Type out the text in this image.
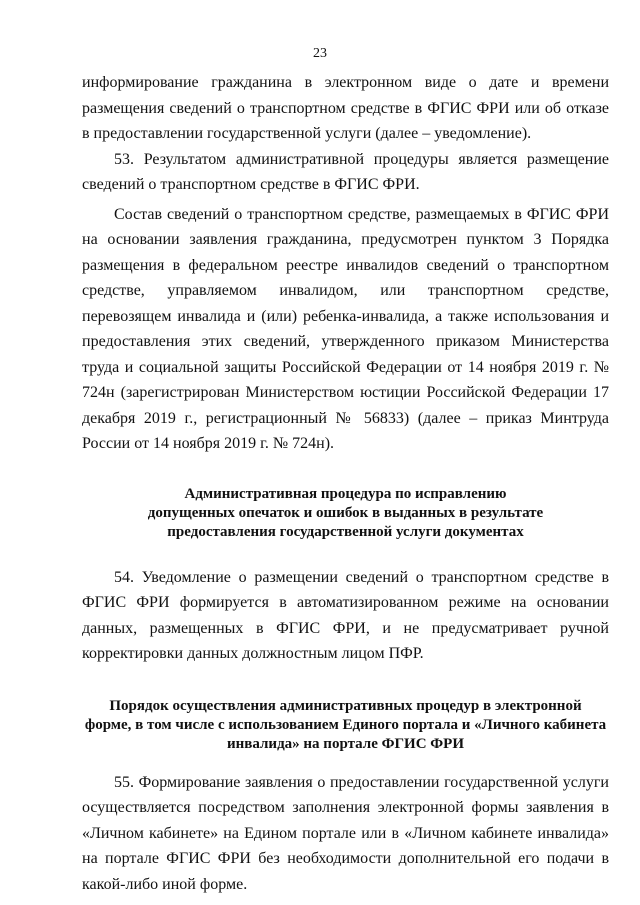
23

информирование гражданина в электронном виде о дате и времени размещения сведений о транспортном средстве в ФГИС ФРИ или об отказе в предоставлении государственной услуги (далее – уведомление).

53. Результатом административной процедуры является размещение сведений о транспортном средстве в ФГИС ФРИ.

Состав сведений о транспортном средстве, размещаемых в ФГИС ФРИ на основании заявления гражданина, предусмотрен пунктом 3 Порядка размещения в федеральном реестре инвалидов сведений о транспортном средстве, управляемом инвалидом, или транспортном средстве, перевозящем инвалида и (или) ребенка-инвалида, а также использования и предоставления этих сведений, утвержденного приказом Министерства труда и социальной защиты Российской Федерации от 14 ноября 2019 г. № 724н (зарегистрирован Министерством юстиции Российской Федерации 17 декабря 2019 г., регистрационный № 56833) (далее – приказ Минтруда России от 14 ноября 2019 г. № 724н).

Административная процедура по исправлению
допущенных опечаток и ошибок в выданных в результате
предоставления государственной услуги документах

54. Уведомление о размещении сведений о транспортном средстве в ФГИС ФРИ формируется в автоматизированном режиме на основании данных, размещенных в ФГИС ФРИ, и не предусматривает ручной корректировки данных должностным лицом ПФР.

Порядок осуществления административных процедур в электронной
форме, в том числе с использованием Единого портала и «Личного кабинета
инвалида» на портале ФГИС ФРИ

55. Формирование заявления о предоставлении государственной услуги осуществляется посредством заполнения электронной формы заявления в «Личном кабинете» на Едином портале или в «Личном кабинете инвалида» на портале ФГИС ФРИ без необходимости дополнительной его подачи в какой-либо иной форме.
